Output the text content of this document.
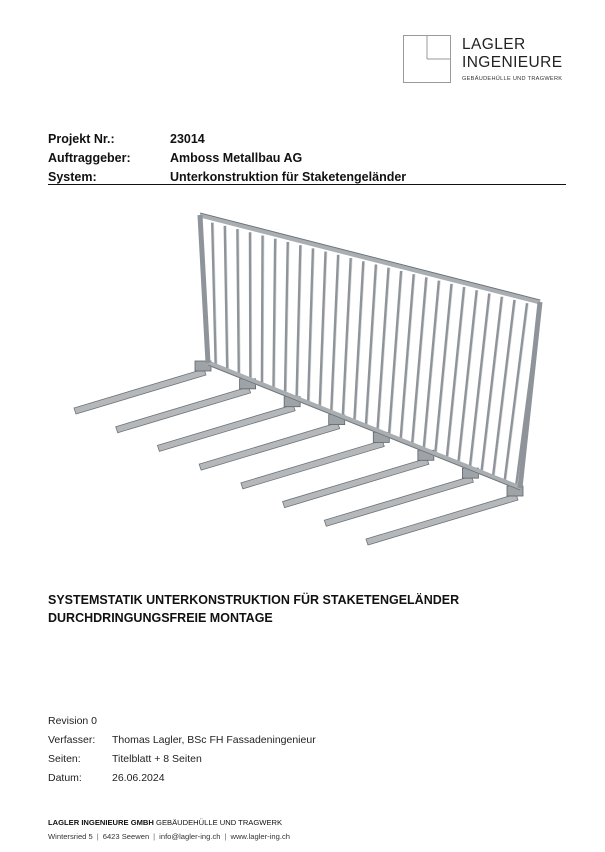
LAGLER
INGENIEURE
GEBÄUDEHÜLLE UND TRAGWERK
Projekt Nr.:	23014
Auftraggeber:	Amboss Metallbau AG
System:	Unterkonstruktion für Staketengeländer
SYSTEMSTATIK UNTERKONSTRUKTION FÜR STAKETENGELÄNDER
DURCHDRINGUNGSFREIE MONTAGE
Revision 0
Verfasser:	Thomas Lagler, BSc FH Fassadeningenieur
Seiten:	Titelblatt + 8 Seiten
Datum:	26.06.2024
LAGLER INGENIEURE GMBH GEBÄUDEHÜLLE UND TRAGWERK
Wintersried 5 | 6423 Seewen | info@lagler-ing.ch | www.lagler-ing.ch
